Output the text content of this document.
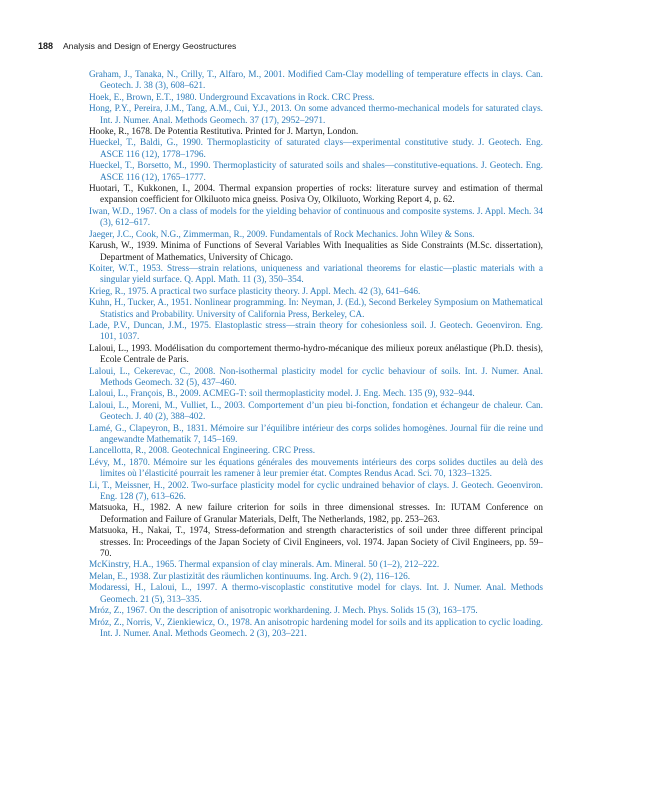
188 Analysis and Design of Energy Geostructures
Graham, J., Tanaka, N., Crilly, T., Alfaro, M., 2001. Modified Cam-Clay modelling of temperature effects in clays. Can. Geotech. J. 38 (3), 608–621.
Hoek, E., Brown, E.T., 1980. Underground Excavations in Rock. CRC Press.
Hong, P.Y., Pereira, J.M., Tang, A.M., Cui, Y.J., 2013. On some advanced thermo-mechanical models for saturated clays. Int. J. Numer. Anal. Methods Geomech. 37 (17), 2952–2971.
Hooke, R., 1678. De Potentia Restitutiva. Printed for J. Martyn, London.
Hueckel, T., Baldi, G., 1990. Thermoplasticity of saturated clays—experimental constitutive study. J. Geotech. Eng. ASCE 116 (12), 1778–1796.
Hueckel, T., Borsetto, M., 1990. Thermoplasticity of saturated soils and shales—constitutive-equations. J. Geotech. Eng. ASCE 116 (12), 1765–1777.
Huotari, T., Kukkonen, I., 2004. Thermal expansion properties of rocks: literature survey and estimation of thermal expansion coefficient for Olkiluoto mica gneiss. Posiva Oy, Olkiluoto, Working Report 4, p. 62.
Iwan, W.D., 1967. On a class of models for the yielding behavior of continuous and composite systems. J. Appl. Mech. 34 (3), 612–617.
Jaeger, J.C., Cook, N.G., Zimmerman, R., 2009. Fundamentals of Rock Mechanics. John Wiley & Sons.
Karush, W., 1939. Minima of Functions of Several Variables With Inequalities as Side Constraints (M.Sc. dissertation), Department of Mathematics, University of Chicago.
Koiter, W.T., 1953. Stress—strain relations, uniqueness and variational theorems for elastic—plastic materials with a singular yield surface. Q. Appl. Math. 11 (3), 350–354.
Krieg, R., 1975. A practical two surface plasticity theory. J. Appl. Mech. 42 (3), 641–646.
Kuhn, H., Tucker, A., 1951. Nonlinear programming. In: Neyman, J. (Ed.), Second Berkeley Symposium on Mathematical Statistics and Probability. University of California Press, Berkeley, CA.
Lade, P.V., Duncan, J.M., 1975. Elastoplastic stress—strain theory for cohesionless soil. J. Geotech. Geoenviron. Eng. 101, 1037.
Laloui, L., 1993. Modélisation du comportement thermo-hydro-mécanique des milieux poreux anélastique (Ph.D. thesis), Ecole Centrale de Paris.
Laloui, L., Cekerevac, C., 2008. Non-isothermal plasticity model for cyclic behaviour of soils. Int. J. Numer. Anal. Methods Geomech. 32 (5), 437–460.
Laloui, L., François, B., 2009. ACMEG-T: soil thermoplasticity model. J. Eng. Mech. 135 (9), 932–944.
Laloui, L., Moreni, M., Vulliet, L., 2003. Comportement d’un pieu bi-fonction, fondation et échangeur de chaleur. Can. Geotech. J. 40 (2), 388–402.
Lamé, G., Clapeyron, B., 1831. Mémoire sur l’équilibre intérieur des corps solides homogènes. Journal für die reine und angewandte Mathematik 7, 145–169.
Lancellotta, R., 2008. Geotechnical Engineering. CRC Press.
Lévy, M., 1870. Mémoire sur les équations générales des mouvements intérieurs des corps solides ductiles au delà des limites où l’élasticité pourrait les ramener à leur premier état. Comptes Rendus Acad. Sci. 70, 1323–1325.
Li, T., Meissner, H., 2002. Two-surface plasticity model for cyclic undrained behavior of clays. J. Geotech. Geoenviron. Eng. 128 (7), 613–626.
Matsuoka, H., 1982. A new failure criterion for soils in three dimensional stresses. In: IUTAM Conference on Deformation and Failure of Granular Materials, Delft, The Netherlands, 1982, pp. 253–263.
Matsuoka, H., Nakai, T., 1974, Stress-deformation and strength characteristics of soil under three different principal stresses. In: Proceedings of the Japan Society of Civil Engineers, vol. 1974. Japan Society of Civil Engineers, pp. 59–70.
McKinstry, H.A., 1965. Thermal expansion of clay minerals. Am. Mineral. 50 (1–2), 212–222.
Melan, E., 1938. Zur plastizität des räumlichen kontinuums. Ing. Arch. 9 (2), 116–126.
Modaressi, H., Laloui, L., 1997. A thermo-viscoplastic constitutive model for clays. Int. J. Numer. Anal. Methods Geomech. 21 (5), 313–335.
Mróz, Z., 1967. On the description of anisotropic workhardening. J. Mech. Phys. Solids 15 (3), 163–175.
Mróz, Z., Norris, V., Zienkiewicz, O., 1978. An anisotropic hardening model for soils and its application to cyclic loading. Int. J. Numer. Anal. Methods Geomech. 2 (3), 203–221.
